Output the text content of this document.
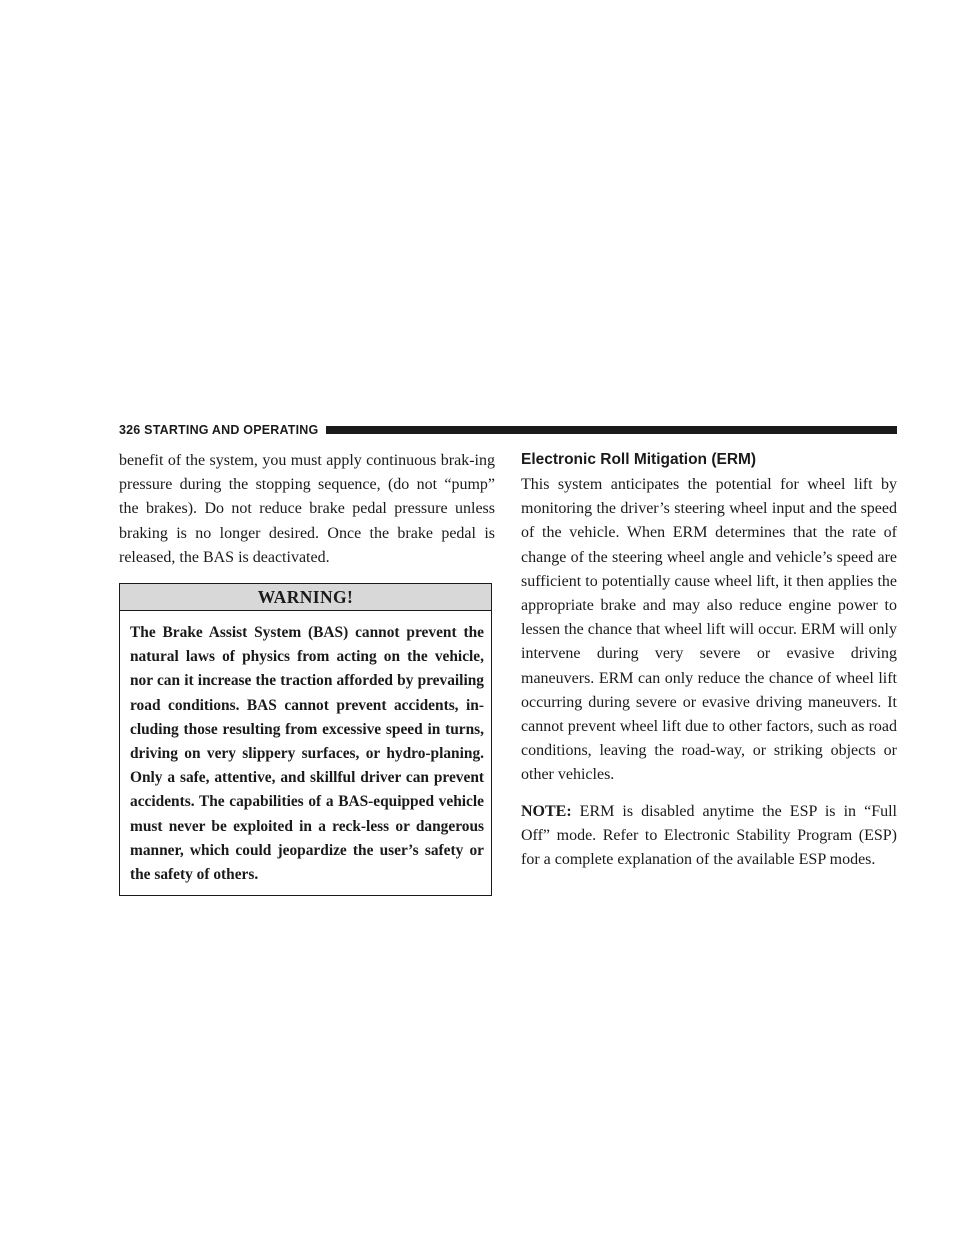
326 STARTING AND OPERATING

benefit of the system, you must apply continuous brak-ing pressure during the stopping sequence, (do not “pump” the brakes). Do not reduce brake pedal pressure unless braking is no longer desired. Once the brake pedal is released, the BAS is deactivated.

WARNING!

The Brake Assist System (BAS) cannot prevent the natural laws of physics from acting on the vehicle, nor can it increase the traction afforded by prevailing road conditions. BAS cannot prevent accidents, in-cluding those resulting from excessive speed in turns, driving on very slippery surfaces, or hydro-planing. Only a safe, attentive, and skillful driver can prevent accidents. The capabilities of a BAS-equipped vehicle must never be exploited in a reck-less or dangerous manner, which could jeopardize the user’s safety or the safety of others.

Electronic Roll Mitigation (ERM)

This system anticipates the potential for wheel lift by monitoring the driver’s steering wheel input and the speed of the vehicle. When ERM determines that the rate of change of the steering wheel angle and vehicle’s speed are sufficient to potentially cause wheel lift, it then applies the appropriate brake and may also reduce engine power to lessen the chance that wheel lift will occur. ERM will only intervene during very severe or evasive driving maneuvers. ERM can only reduce the chance of wheel lift occurring during severe or evasive driving maneuvers. It cannot prevent wheel lift due to other factors, such as road conditions, leaving the road-way, or striking objects or other vehicles.

NOTE: ERM is disabled anytime the ESP is in “Full Off” mode. Refer to Electronic Stability Program (ESP) for a complete explanation of the available ESP modes.
